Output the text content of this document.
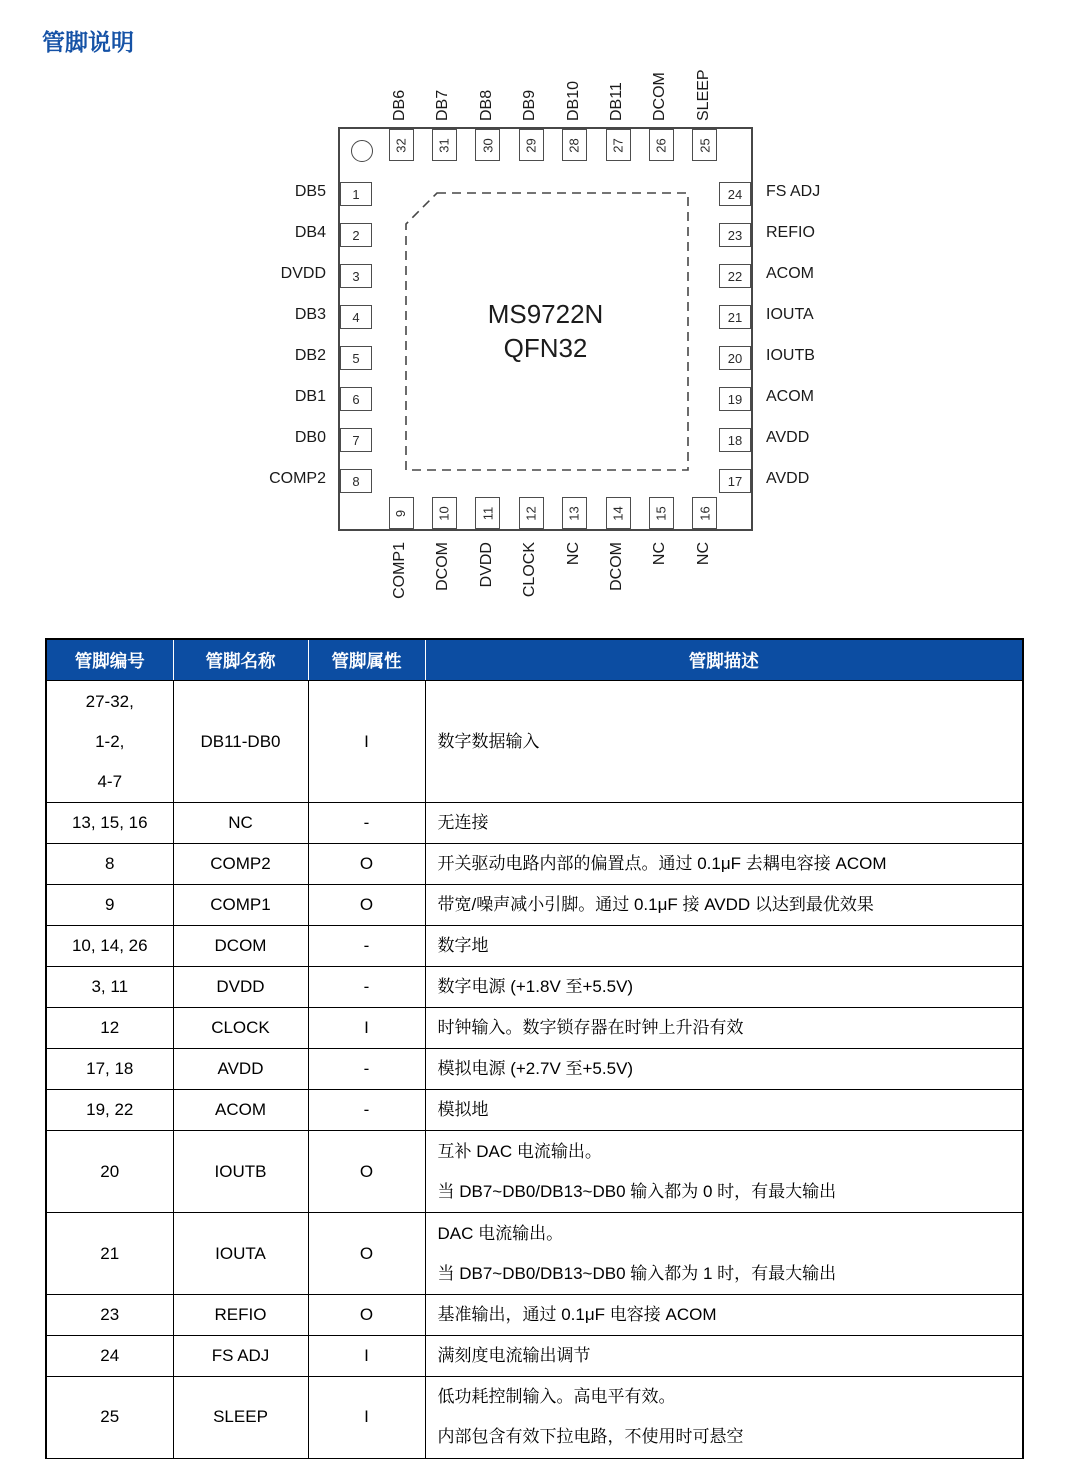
管脚说明
MS9722N
QFN32
32 31 30 29 28 27 26 25
9 10 11 12 13 14 15 16
1
2
3
4
5
6
7
8
24
23
22
21
20
19
18
17
DB6 DB7 DB8 DB9 DB10 DB11 DCOM SLEEP
COMP1 DCOM DVDD CLOCK NC DCOM NC NC
DB5
DB4
DVDD
DB3
DB2
DB1
DB0
COMP2
FS ADJ
REFIO
ACOM
IOUTA
IOUTB
ACOM
AVDD
AVDD
管脚编号	管脚名称	管脚属性	管脚描述

27-32,
1-2,
4-7	DB11-DB0	I	数字数据输入

13, 15, 16	NC	-	无连接

8	COMP2	O	开关驱动电路内部的偏置点。通过 0.1μF 去耦电容接 ACOM

9	COMP1	O	带宽/噪声减小引脚。通过 0.1μF 接 AVDD 以达到最优效果

10, 14, 26	DCOM	-	数字地

3, 11	DVDD	-	数字电源 (+1.8V 至+5.5V)

12	CLOCK	I	时钟输入。数字锁存器在时钟上升沿有效

17, 18	AVDD	-	模拟电源 (+2.7V 至+5.5V)

19, 22	ACOM	-	模拟地

20	IOUTB	O	互补 DAC 电流输出。
当 DB7~DB0/DB13~DB0 输入都为 0 时，有最大输出

21	IOUTA	O	DAC 电流输出。
当 DB7~DB0/DB13~DB0 输入都为 1 时，有最大输出

23	REFIO	O	基准输出，通过 0.1μF 电容接 ACOM

24	FS ADJ	I	满刻度电流输出调节

25	SLEEP	I	低功耗控制输入。高电平有效。
内部包含有效下拉电路，不使用时可悬空
